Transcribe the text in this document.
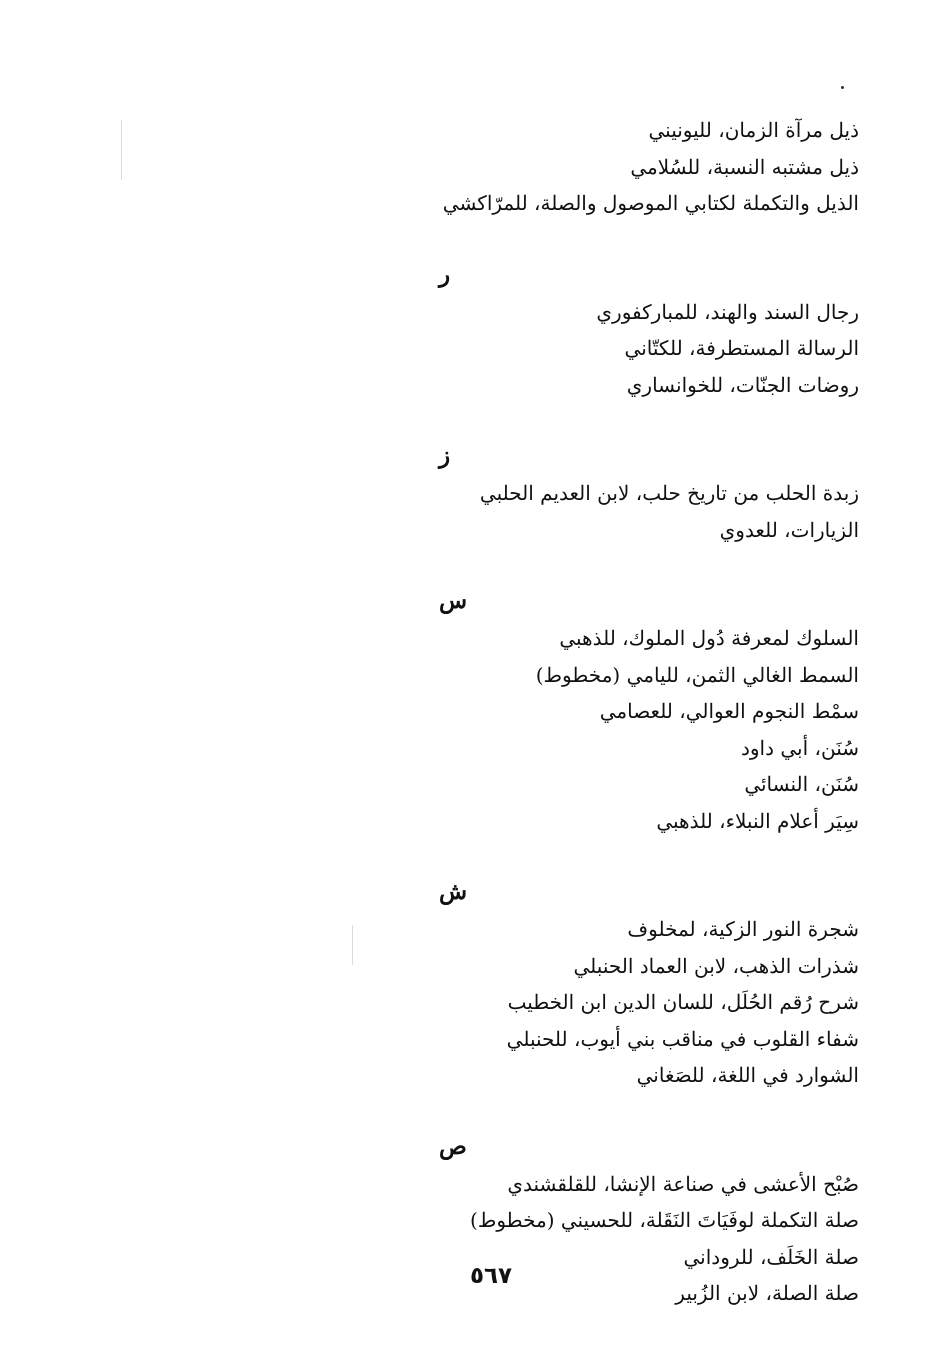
ذيل مرآة الزمان، لليونيني
ذيل مشتبه النسبة، للسُلامي
الذيل والتكملة لكتابي الموصول والصلة، للمرّاكشي
ر
رجال السند والهند، للمباركفوري
الرسالة المستطرفة، للكتّاني
روضات الجنّات، للخوانساري
ز
زبدة الحلب من تاريخ حلب، لابن العديم الحلبي
الزيارات، للعدوي
س
السلوك لمعرفة دُول الملوك، للذهبي
السمط الغالي الثمن، لليامي (مخطوط)
سمْط النجوم العوالي، للعصامي
سُنَن، أبي داود
سُنَن، النسائي
سِيَر أعلام النبلاء، للذهبي
ش
شجرة النور الزكية، لمخلوف
شذرات الذهب، لابن العماد الحنبلي
شرح رُقم الحُلَل، للسان الدين ابن الخطيب
شفاء القلوب في مناقب بني أيوب، للحنبلي
الشوارد في اللغة، للصَغاني
ص
صُبْح الأعشى في صناعة الإنشا، للقلقشندي
صلة التكملة لوفَيَاتَ النَقَلة، للحسيني (مخطوط)
صلة الخَلَف، للروداني
صلة الصلة، لابن الزُبير
٥٦٧
